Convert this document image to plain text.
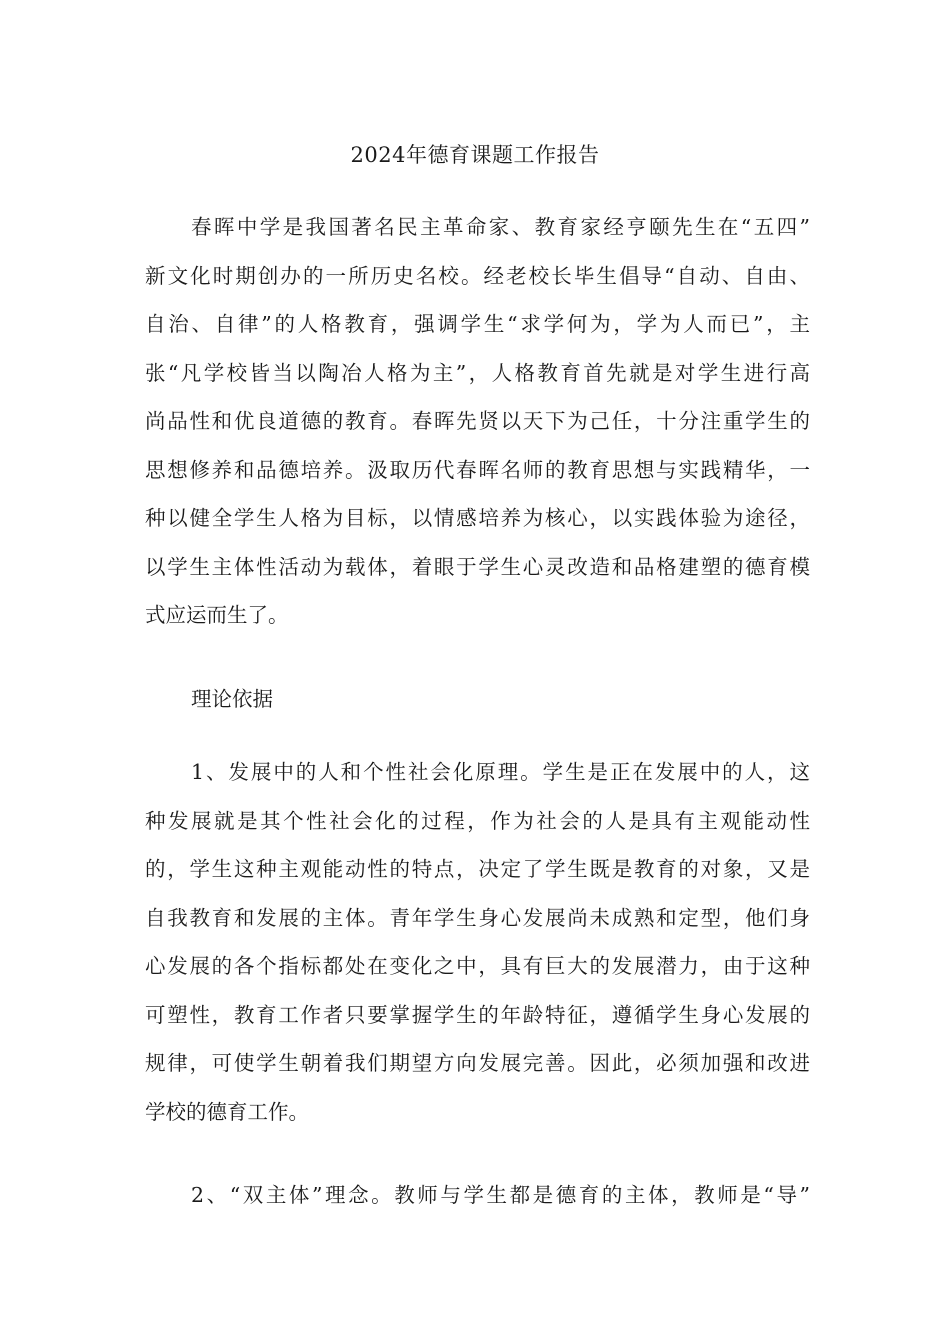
2024年德育课题工作报告
春晖中学是我国著名民主革命家、教育家经亨颐先生在“五四”
新文化时期创办的一所历史名校。经老校长毕生倡导“自动、自由、
自治、自律”的人格教育，强调学生“求学何为，学为人而已”，主
张“凡学校皆当以陶冶人格为主”，人格教育首先就是对学生进行高
尚品性和优良道德的教育。春晖先贤以天下为己任，十分注重学生的
思想修养和品德培养。汲取历代春晖名师的教育思想与实践精华，一
种以健全学生人格为目标，以情感培养为核心，以实践体验为途径，
以学生主体性活动为载体，着眼于学生心灵改造和品格建塑的德育模
式应运而生了。
理论依据
1、发展中的人和个性社会化原理。学生是正在发展中的人，这
种发展就是其个性社会化的过程，作为社会的人是具有主观能动性
的，学生这种主观能动性的特点，决定了学生既是教育的对象，又是
自我教育和发展的主体。青年学生身心发展尚未成熟和定型，他们身
心发展的各个指标都处在变化之中，具有巨大的发展潜力，由于这种
可塑性，教育工作者只要掌握学生的年龄特征，遵循学生身心发展的
规律，可使学生朝着我们期望方向发展完善。因此，必须加强和改进
学校的德育工作。
2、“双主体”理念。教师与学生都是德育的主体，教师是“导”
